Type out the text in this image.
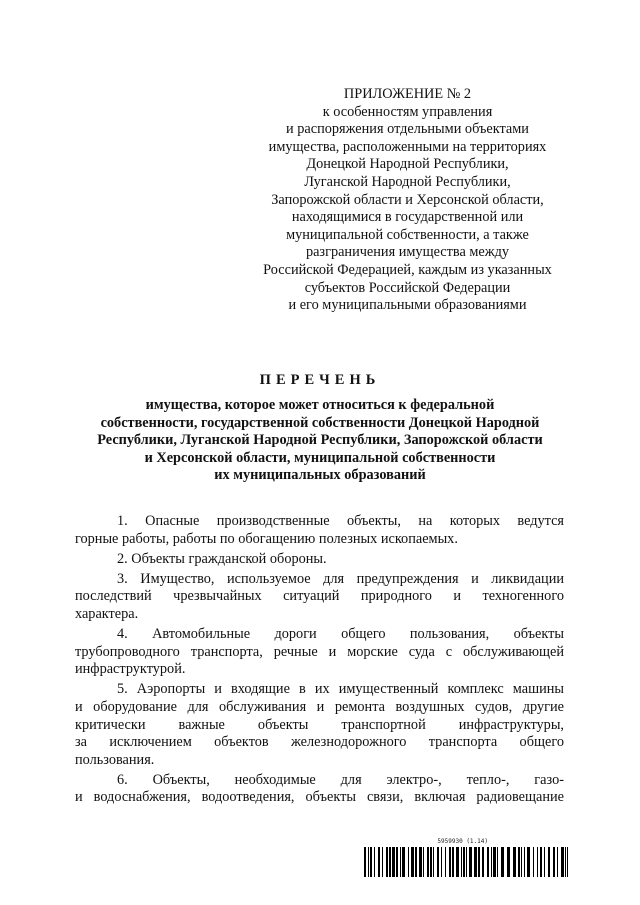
ПРИЛОЖЕНИЕ № 2
к особенностям управления
и распоряжения отдельными объектами
имущества, расположенными на территориях
Донецкой Народной Республики,
Луганской Народной Республики,
Запорожской области и Херсонской области,
находящимися в государственной или
муниципальной собственности, а также
разграничения имущества между
Российской Федерацией, каждым из указанных
субъектов Российской Федерации
и его муниципальными образованиями
ПЕРЕЧЕНЬ
имущества, которое может относиться к федеральной
собственности, государственной собственности Донецкой Народной
Республики, Луганской Народной Республики, Запорожской области
и Херсонской области, муниципальной собственности
их муниципальных образований
1. Опасные производственные объекты, на которых ведутся
горные работы, работы по обогащению полезных ископаемых.
2. Объекты гражданской обороны.
3. Имущество, используемое для предупреждения и ликвидации
последствий чрезвычайных ситуаций природного и техногенного
характера.
4. Автомобильные дороги общего пользования, объекты
трубопроводного транспорта, речные и морские суда с обслуживающей
инфраструктурой.
5. Аэропорты и входящие в их имущественный комплекс машины
и оборудование для обслуживания и ремонта воздушных судов, другие
критически важные объекты транспортной инфраструктуры,
за исключением объектов железнодорожного транспорта общего
пользования.
6. Объекты, необходимые для электро-, тепло-, газо-
и водоснабжения, водоотведения, объекты связи, включая радиовещание
5959930 (1.14)
